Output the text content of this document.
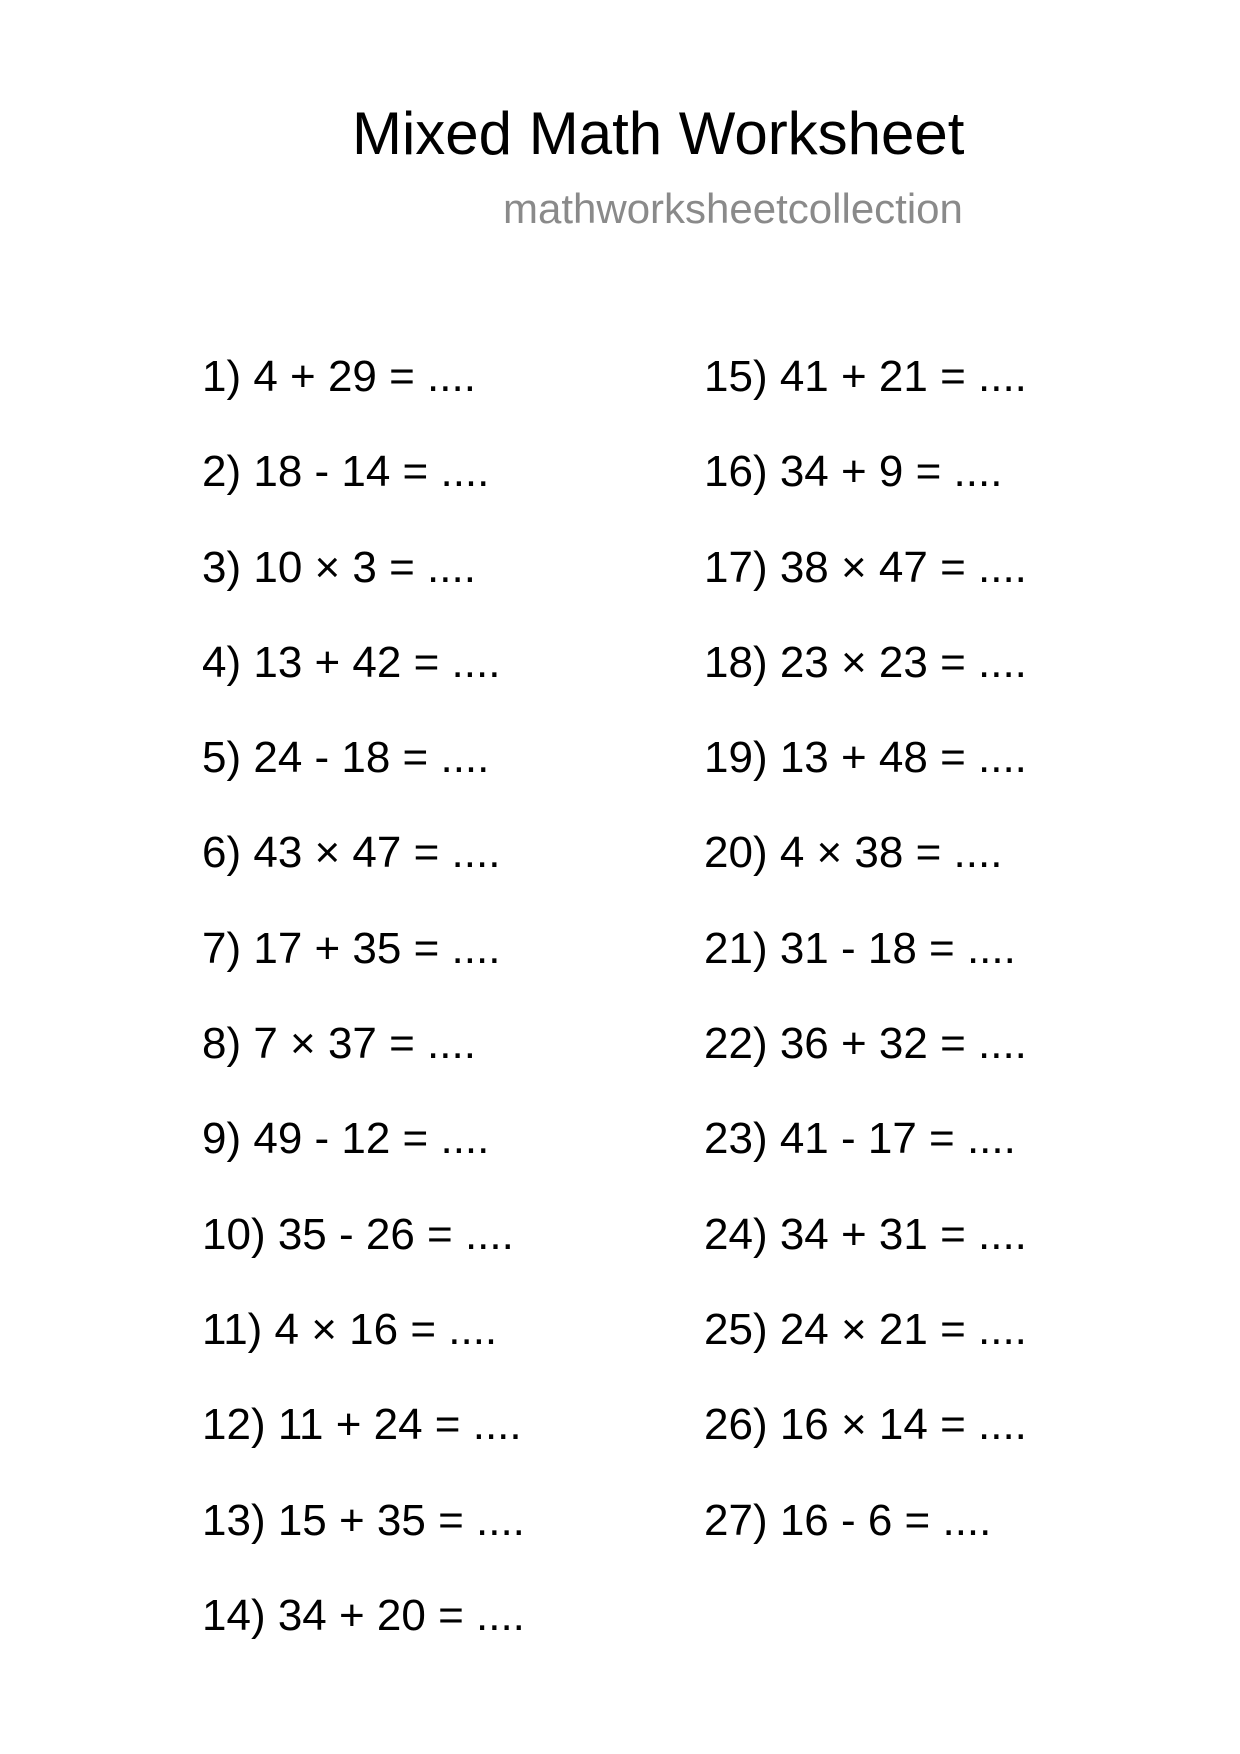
Mixed Math Worksheet
mathworksheetcollection
1) 4 + 29 = ....
2) 18 - 14 = ....
3) 10 × 3 = ....
4) 13 + 42 = ....
5) 24 - 18 = ....
6) 43 × 47 = ....
7) 17 + 35 = ....
8) 7 × 37 = ....
9) 49 - 12 = ....
10) 35 - 26 = ....
11) 4 × 16 = ....
12) 11 + 24 = ....
13) 15 + 35 = ....
14) 34 + 20 = ....
15) 41 + 21 = ....
16) 34 + 9 = ....
17) 38 × 47 = ....
18) 23 × 23 = ....
19) 13 + 48 = ....
20) 4 × 38 = ....
21) 31 - 18 = ....
22) 36 + 32 = ....
23) 41 - 17 = ....
24) 34 + 31 = ....
25) 24 × 21 = ....
26) 16 × 14 = ....
27) 16 - 6 = ....
